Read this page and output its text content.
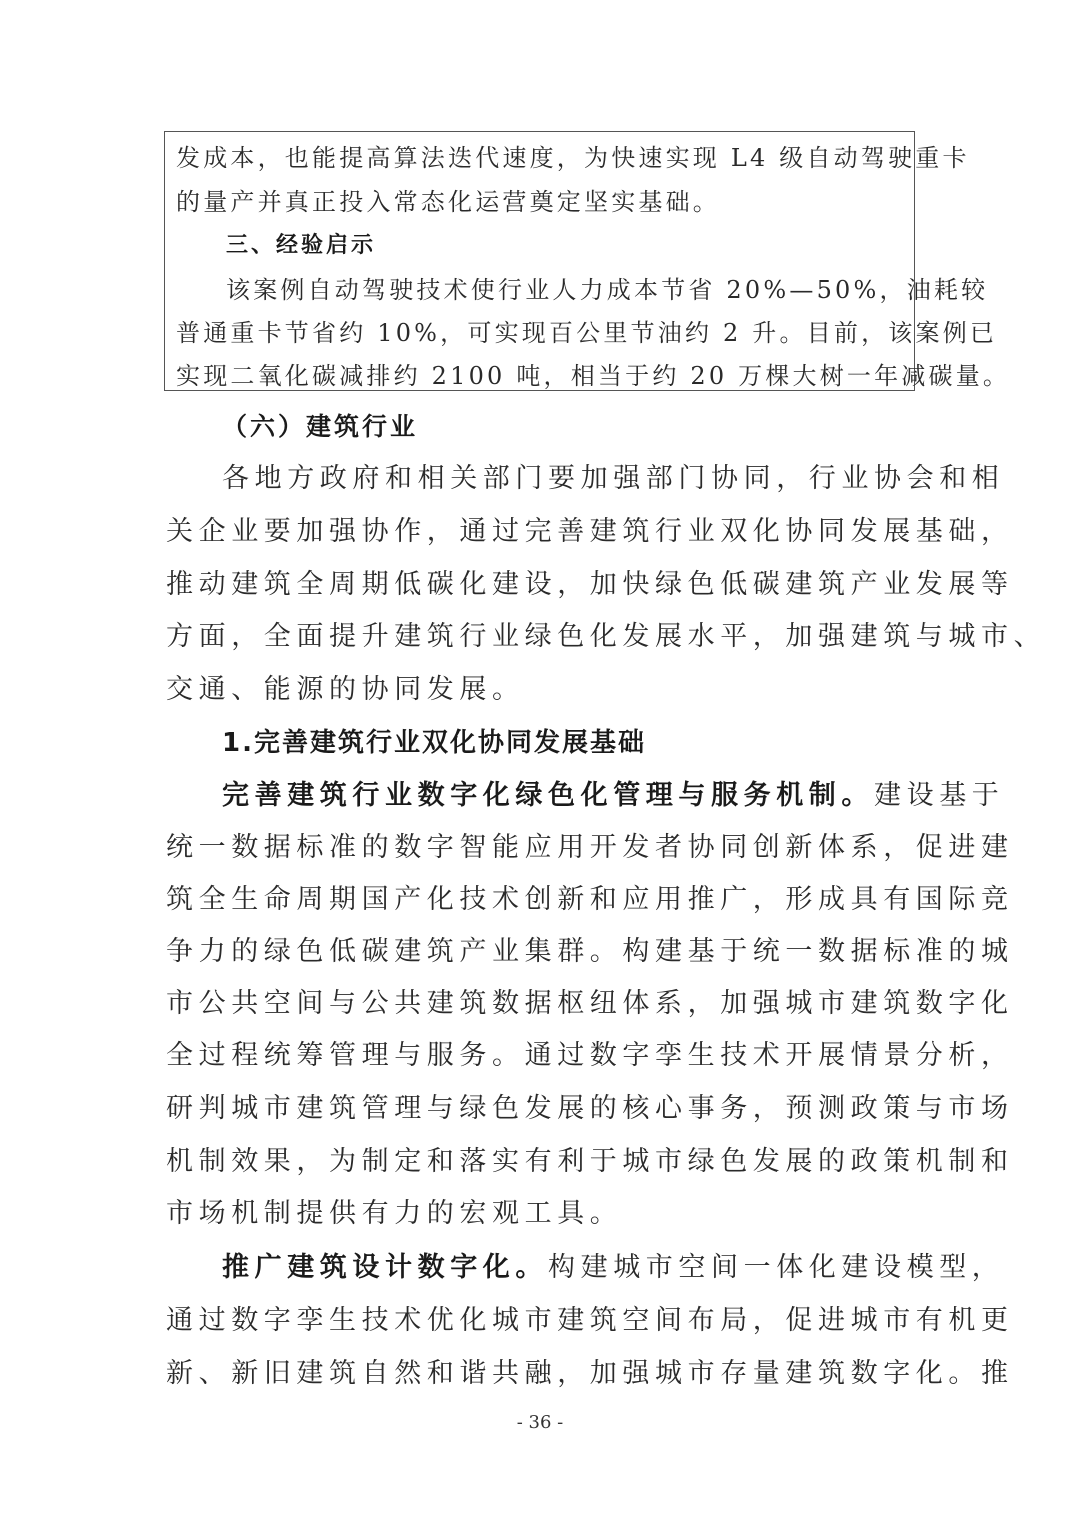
发成本，也能提高算法迭代速度，为快速实现 L4 级自动驾驶重卡
的量产并真正投入常态化运营奠定坚实基础。
三、经验启示
该案例自动驾驶技术使行业人力成本节省 20%—50%，油耗较
普通重卡节省约 10%，可实现百公里节油约 2 升。目前，该案例已
实现二氧化碳减排约 2100 吨，相当于约 20 万棵大树一年减碳量。
（六）建筑行业
各地方政府和相关部门要加强部门协同，行业协会和相
关企业要加强协作，通过完善建筑行业双化协同发展基础，
推动建筑全周期低碳化建设，加快绿色低碳建筑产业发展等
方面，全面提升建筑行业绿色化发展水平，加强建筑与城市、
交通、能源的协同发展。
1.完善建筑行业双化协同发展基础
完善建筑行业数字化绿色化管理与服务机制。建设基于
统一数据标准的数字智能应用开发者协同创新体系，促进建
筑全生命周期国产化技术创新和应用推广，形成具有国际竞
争力的绿色低碳建筑产业集群。构建基于统一数据标准的城
市公共空间与公共建筑数据枢纽体系，加强城市建筑数字化
全过程统筹管理与服务。通过数字孪生技术开展情景分析，
研判城市建筑管理与绿色发展的核心事务，预测政策与市场
机制效果，为制定和落实有利于城市绿色发展的政策机制和
市场机制提供有力的宏观工具。
推广建筑设计数字化。构建城市空间一体化建设模型，
通过数字孪生技术优化城市建筑空间布局，促进城市有机更
新、新旧建筑自然和谐共融，加强城市存量建筑数字化。推
- 36 -
